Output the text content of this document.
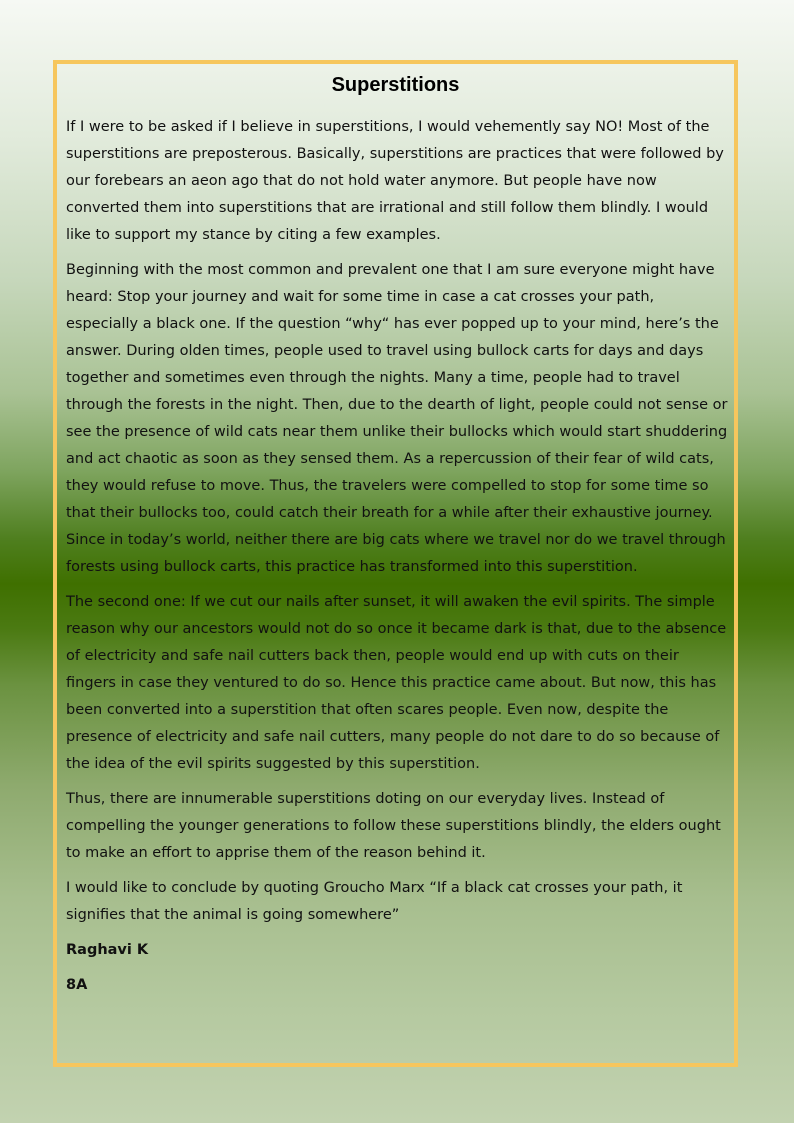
Superstitions

If I were to be asked if I believe in superstitions, I would vehemently say NO! Most of the superstitions are preposterous. Basically, superstitions are practices that were followed by our forebears an aeon ago that do not hold water anymore. But people have now converted them into superstitions that are irrational and still follow them blindly. I would like to support my stance by citing a few examples.

Beginning with the most common and prevalent one that I am sure everyone might have heard: Stop your journey and wait for some time in case a cat crosses your path, especially a black one. If the question “why“ has ever popped up to your mind, here’s the answer. During olden times, people used to travel using bullock carts for days and days together and sometimes even through the nights. Many a time, people had to travel through the forests in the night. Then, due to the dearth of light, people could not sense or see the presence of wild cats near them unlike their bullocks which would start shuddering and act chaotic as soon as they sensed them. As a repercussion of their fear of wild cats, they would refuse to move. Thus, the travelers were compelled to stop for some time so that their bullocks too, could catch their breath for a while after their exhaustive journey. Since in today’s world, neither there are big cats where we travel nor do we travel through forests using bullock carts, this practice has transformed into this superstition.

The second one: If we cut our nails after sunset, it will awaken the evil spirits. The simple reason why our ancestors would not do so once it became dark is that, due to the absence of electricity and safe nail cutters back then, people would end up with cuts on their fingers in case they ventured to do so. Hence this practice came about. But now, this has been converted into a superstition that often scares people. Even now, despite the presence of electricity and safe nail cutters, many people do not dare to do so because of the idea of the evil spirits suggested by this superstition.

Thus, there are innumerable superstitions doting on our everyday lives. Instead of compelling the younger generations to follow these superstitions blindly, the elders ought to make an effort to apprise them of the reason behind it.

I would like to conclude by quoting Groucho Marx “If a black cat crosses your path, it signifies that the animal is going somewhere”

Raghavi K
8A
